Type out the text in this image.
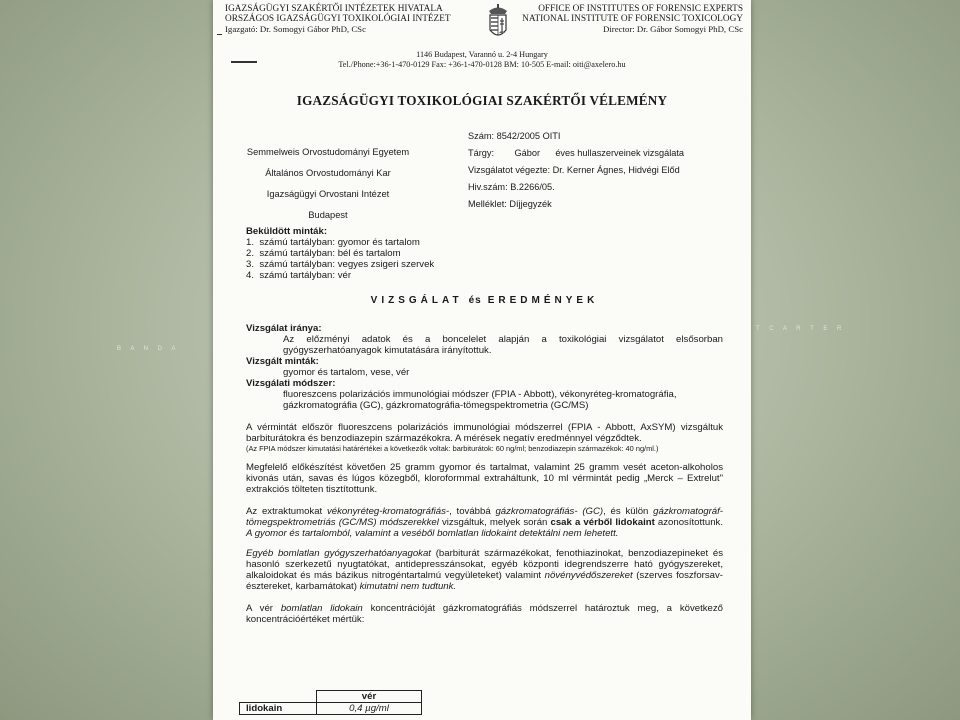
B A N D A
T C A R T E R
IGAZSÁGÜGYI SZAKÉRTŐI INTÉZETEK HIVATALA
ORSZÁGOS IGAZSÁGÜGYI TOXIKOLÓGIAI INTÉZET
Igazgató: Dr. Somogyi Gábor PhD, CSc
OFFICE OF INSTITUTES OF FORENSIC EXPERTS
NATIONAL INSTITUTE OF FORENSIC TOXICOLOGY
Director: Dr. Gábor Somogyi PhD, CSc
1146 Budapest, Varannó u. 2-4 Hungary
Tel./Phone:+36-1-470-0129 Fax: +36-1-470-0128 BM: 10-505 E-mail: oiti@axelero.hu
IGAZSÁGÜGYI TOXIKOLÓGIAI SZAKÉRTŐI VÉLEMÉNY
Semmelweis Orvostudományi Egyetem
Általános Orvostudományi Kar
Igazságügyi Orvostani Intézet
Budapest
Szám: 8542/2005 OITI
Tárgy: Gábor      éves hullaszerveinek vizsgálata
Vizsgálatot végezte: Dr. Kerner Ágnes, Hidvégi Előd
Hiv.szám: B.2266/05.
Melléklet: Díjjegyzék
Beküldött minták:
1.  számú tartályban: gyomor és tartalom
2.  számú tartályban: bél és tartalom
3.  számú tartályban: vegyes zsigeri szervek
4.  számú tartályban: vér
VIZSGÁLAT és EREDMÉNYEK
Vizsgálat iránya:
Az előzményi adatok és a boncelelet alapján a toxikológiai vizsgálatot elsősorban gyógyszerhatóanyagok kimutatására irányítottuk.
Vizsgált minták:
gyomor és tartalom, vese, vér
Vizsgálati módszer:
fluoreszcens polarizációs immunológiai módszer (FPIA - Abbott), vékonyréteg-kromatográfia,
gázkromatográfia (GC), gázkromatográfia-tömegspektrometria (GC/MS)
A vérmintát először fluoreszcens polarizációs immunológiai módszerrel (FPIA - Abbott, AxSYM) vizsgáltuk barbiturátokra és benzodiazepin származékokra. A mérések negatív eredménnyel végződtek.
(Az FPIA módszer kimutatási határértékei a következők voltak: barbiturátok: 60 ng/ml; benzodiazepin származékok: 40 ng/ml.)
Megfelelő előkészítést követően 25 gramm gyomor és tartalmat, valamint 25 gramm vesét aceton-alkoholos kivonás után, savas és lúgos közegből, kloroformmal extraháltunk, 10 ml vérmintát pedig „Merck – Extrelut" extrakciós tölteten tisztítottunk.
Az extraktumokat vékonyréteg-kromatográfiás-, továbbá gázkromatográfiás- (GC), és külön gázkromatográf-tömegspektrometriás (GC/MS) módszerekkel vizsgáltuk, melyek során csak a vérből lidokaint azonosítottunk. A gyomor és tartalomból, valamint a veséből bomlatlan lidokaint detektálni nem lehetett.
Egyéb bomlatlan gyógyszerhatóanyagokat (barbiturát származékokat, fenothiazinokat, benzodiazepineket és hasonló szerkezetű nyugtatókat, antidepresszánsokat, egyéb központi idegrendszerre ható gyógyszereket, alkaloidokat és más bázikus nitrogéntartalmú vegyületeket) valamint növényvédőszereket (szerves foszforsav-észtereket, karbamátokat) kimutatni nem tudtunk.
A vér bomlatlan lidokain koncentrációját gázkromatográfiás módszerrel határoztuk meg, a következő koncentrációértéket mértük:
	vér
lidokain	0,4 µg/ml
